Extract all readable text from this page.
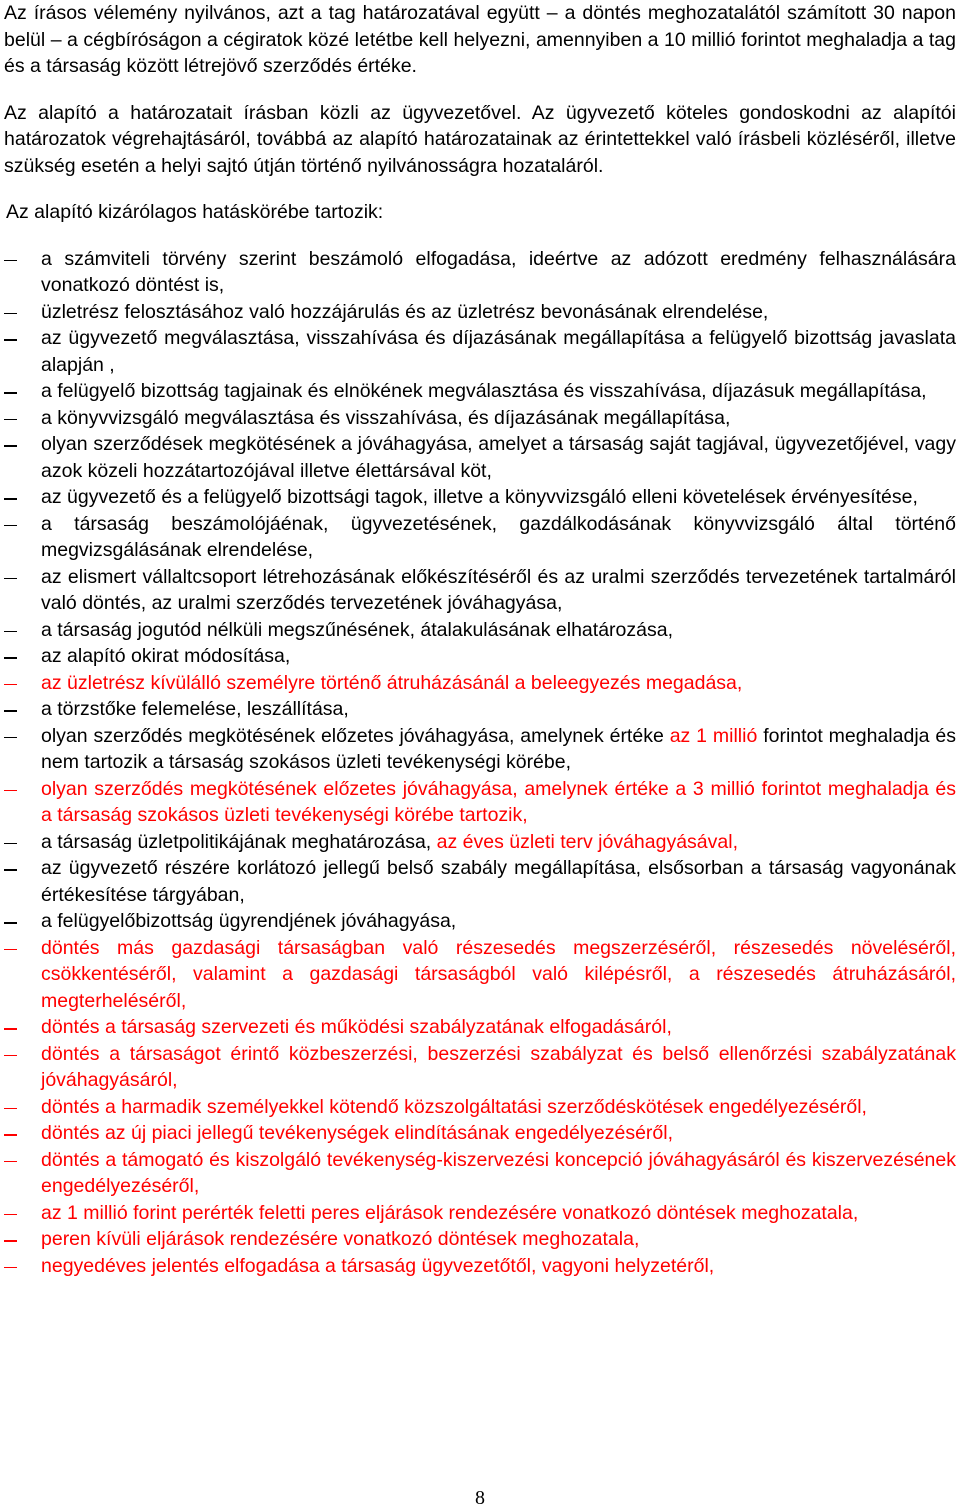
Az írásos vélemény nyilvános, azt a tag határozatával együtt – a döntés meghozatalától számított 30 napon belül – a cégbíróságon a cégiratok közé letétbe kell helyezni, amennyiben a 10 millió forintot meghaladja a tag és a társaság között létrejövő szerződés értéke.

Az alapító a határozatait írásban közli az ügyvezetővel. Az ügyvezető köteles gondoskodni az alapítói határozatok végrehajtásáról, továbbá az alapító határozatainak az érintettekkel való írásbeli közléséről, illetve szükség esetén a helyi sajtó útján történő nyilvánosságra hozataláról.

Az alapító kizárólagos hatáskörébe tartozik:

a számviteli törvény szerint beszámoló elfogadása, ideértve az adózott eredmény felhasználására vonatkozó döntést is,
üzletrész felosztásához való hozzájárulás és az üzletrész bevonásának elrendelése,
az ügyvezető megválasztása, visszahívása és díjazásának megállapítása a felügyelő bizottság javaslata alapján ,
a felügyelő bizottság tagjainak és elnökének megválasztása és visszahívása, díjazásuk megállapítása,
a könyvvizsgáló megválasztása és visszahívása, és díjazásának megállapítása,
olyan szerződések megkötésének a jóváhagyása, amelyet a társaság saját tagjával, ügyvezetőjével, vagy azok közeli hozzátartozójával illetve élettársával köt,
az ügyvezető és a felügyelő bizottsági tagok, illetve a könyvvizsgáló elleni követelések érvényesítése,
a társaság beszámolójáénak, ügyvezetésének, gazdálkodásának könyvvizsgáló által történő megvizsgálásának elrendelése,
az elismert vállaltcsoport létrehozásának előkészítéséről és az uralmi szerződés tervezetének tartalmáról való döntés, az uralmi szerződés tervezetének jóváhagyása,
a társaság jogutód nélküli megszűnésének, átalakulásának elhatározása,
az alapító okirat módosítása,
az üzletrész kívülálló személyre történő átruházásánál a beleegyezés megadása,
a törzstőke felemelése, leszállítása,
olyan szerződés megkötésének előzetes jóváhagyása, amelynek értéke az 1 millió forintot meghaladja és nem tartozik a társaság szokásos üzleti tevékenységi körébe,
olyan szerződés megkötésének előzetes jóváhagyása, amelynek értéke a 3 millió forintot meghaladja és a társaság szokásos üzleti tevékenységi körébe tartozik,
a társaság üzletpolitikájának meghatározása, az éves üzleti terv jóváhagyásával,
az ügyvezető részére korlátozó jellegű belső szabály megállapítása, elsősorban a társaság vagyonának értékesítése tárgyában,
a felügyelőbizottság ügyrendjének jóváhagyása,
döntés más gazdasági társaságban való részesedés megszerzéséről, részesedés növeléséről, csökkentéséről, valamint a gazdasági társaságból való kilépésről, a részesedés átruházásáról, megterheléséről,
döntés a társaság szervezeti és működési szabályzatának elfogadásáról,
döntés a társaságot érintő közbeszerzési, beszerzési szabályzat és belső ellenőrzési szabályzatának jóváhagyásáról,
döntés a harmadik személyekkel kötendő közszolgáltatási szerződéskötések engedélyezéséről,
döntés az új piaci jellegű tevékenységek elindításának engedélyezéséről,
döntés a támogató és kiszolgáló tevékenység-kiszervezési koncepció jóváhagyásáról és kiszervezésének engedélyezéséről,
az 1 millió forint perérték feletti peres eljárások rendezésére vonatkozó döntések meghozatala,
peren kívüli eljárások rendezésére vonatkozó döntések meghozatala,
negyedéves jelentés elfogadása a társaság ügyvezetőtől, vagyoni helyzetéről,
8
